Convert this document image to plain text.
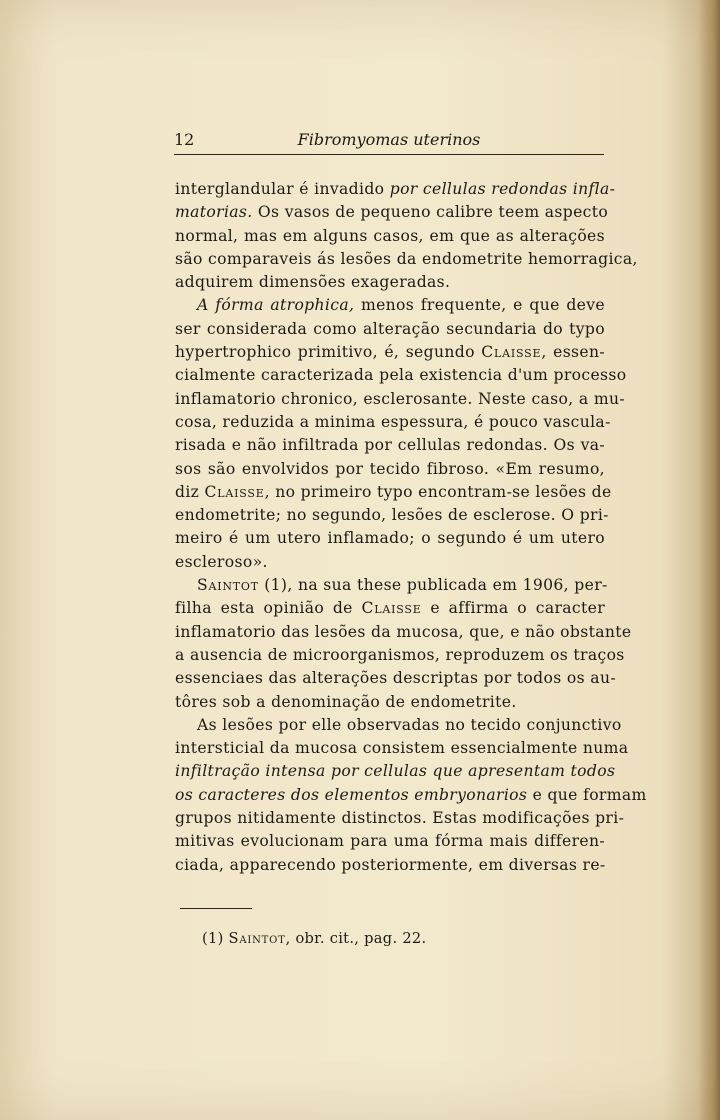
12	Fibromyomas uterinos
interglandular é invadido por cellulas redondas infla-
matorias. Os vasos de pequeno calibre teem aspecto
normal, mas em alguns casos, em que as alterações
são comparaveis ás lesões da endometrite hemorragica,
adquirem dimensões exageradas.
A fórma atrophica, menos frequente, e que deve
ser considerada como alteração secundaria do typo
hypertrophico primitivo, é, segundo Claisse, essen-
cialmente caracterizada pela existencia d'um processo
inflamatorio chronico, esclerosante. Neste caso, a mu-
cosa, reduzida a minima espessura, é pouco vascula-
risada e não infiltrada por cellulas redondas. Os va-
sos são envolvidos por tecido fibroso. «Em resumo,
diz Claisse, no primeiro typo encontram-se lesões de
endometrite; no segundo, lesões de esclerose. O pri-
meiro é um utero inflamado; o segundo é um utero
escleroso».
Saintot (1), na sua these publicada em 1906, per-
filha esta opinião de Claisse e affirma o caracter
inflamatorio das lesões da mucosa, que, e não obstante
a ausencia de microorganismos, reproduzem os traços
essenciaes das alterações descriptas por todos os au-
tôres sob a denominação de endometrite.
As lesões por elle observadas no tecido conjunctivo
intersticial da mucosa consistem essencialmente numa
infiltração intensa por cellulas que apresentam todos
os caracteres dos elementos embryonarios e que formam
grupos nitidamente distinctos. Estas modificações pri-
mitivas evolucionam para uma fórma mais differen-
ciada, apparecendo posteriormente, em diversas re-
(1) Saintot, obr. cit., pag. 22.
